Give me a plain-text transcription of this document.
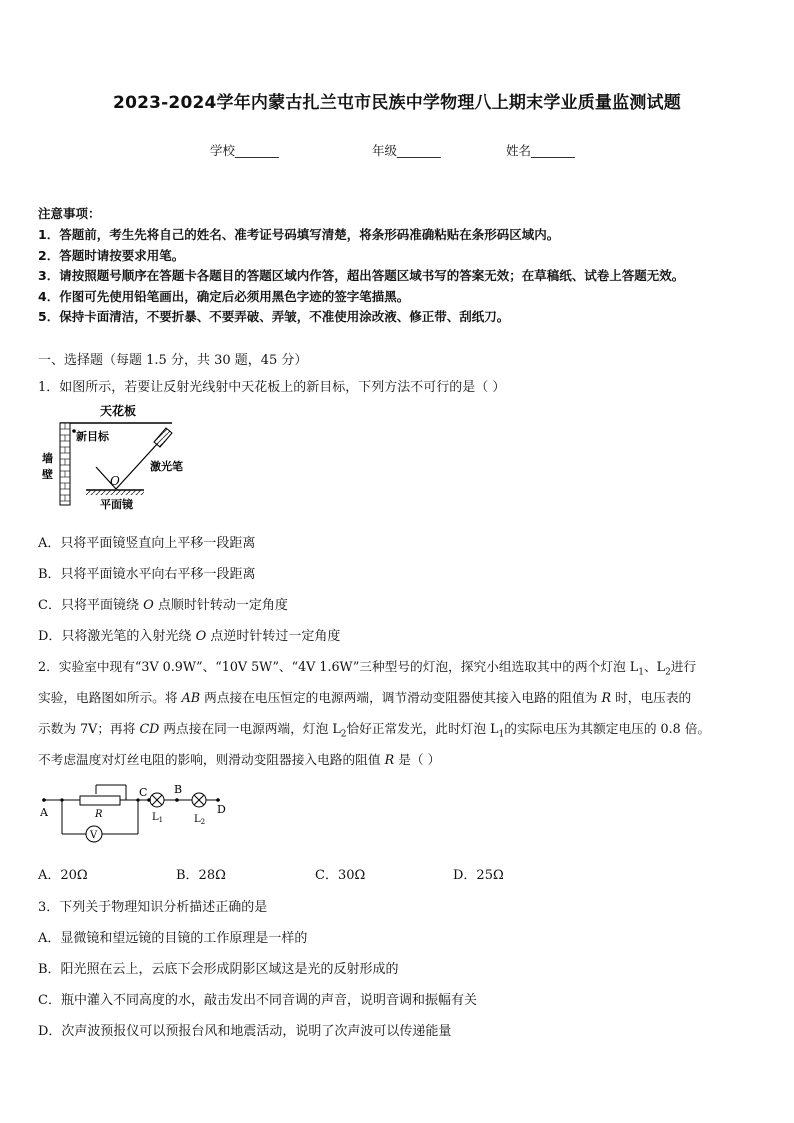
2023-2024学年内蒙古扎兰屯市民族中学物理八上期末学业质量监测试题
学校_______	年级_______	姓名_______
注意事项：
1．答题前，考生先将自己的姓名、准考证号码填写清楚，将条形码准确粘贴在条形码区域内。
2．答题时请按要求用笔。
3．请按照题号顺序在答题卡各题目的答题区域内作答，超出答题区域书写的答案无效；在草稿纸、试卷上答题无效。
4．作图可先使用铅笔画出，确定后必须用黑色字迹的签字笔描黑。
5．保持卡面清洁，不要折暴、不要弄破、弄皱，不准使用涂改液、修正带、刮纸刀。
一、选择题（每题 1.5 分，共 30 题，45 分）
1．如图所示，若要让反射光线射中天花板上的新目标，下列方法不可行的是（ ）
天花板
墙
壁
新目标
平面镜
激光笔
O
A．只将平面镜竖直向上平移一段距离
B．只将平面镜水平向右平移一段距离
C．只将平面镜绕 O 点顺时针转动一定角度
D．只将激光笔的入射光绕 O 点逆时针转过一定角度
2．实验室中现有“3V 0.9W”、“10V 5W”、“4V 1.6W”三种型号的灯泡，探究小组选取其中的两个灯泡 $L_1$、$L_2$进行
实验，电路图如所示。将 AB 两点接在电压恒定的电源两端，调节滑动变阻器使其接入电路的阻值为 R 时，电压表的
示数为 7V；再将 CD 两点接在同一电源两端，灯泡 $L_2$恰好正常发光，此时灯泡 $L_1$的实际电压为其额定电压的 0.8 倍。
不考虑温度对灯丝电阻的影响，则滑动变阻器接入电路的阻值 R 是（ ）
A
C B
D
R
V
$L_1$	$L_2$
A．20Ω	B．28Ω	C．30Ω	D．25Ω
3．下列关于物理知识分析描述正确的是
A．显微镜和望远镜的目镜的工作原理是一样的
B．阳光照在云上，云底下会形成阴影区域这是光的反射形成的
C．瓶中灌入不同高度的水，敲击发出不同音调的声音，说明音调和振幅有关
D．次声波预报仪可以预报台风和地震活动，说明了次声波可以传递能量
